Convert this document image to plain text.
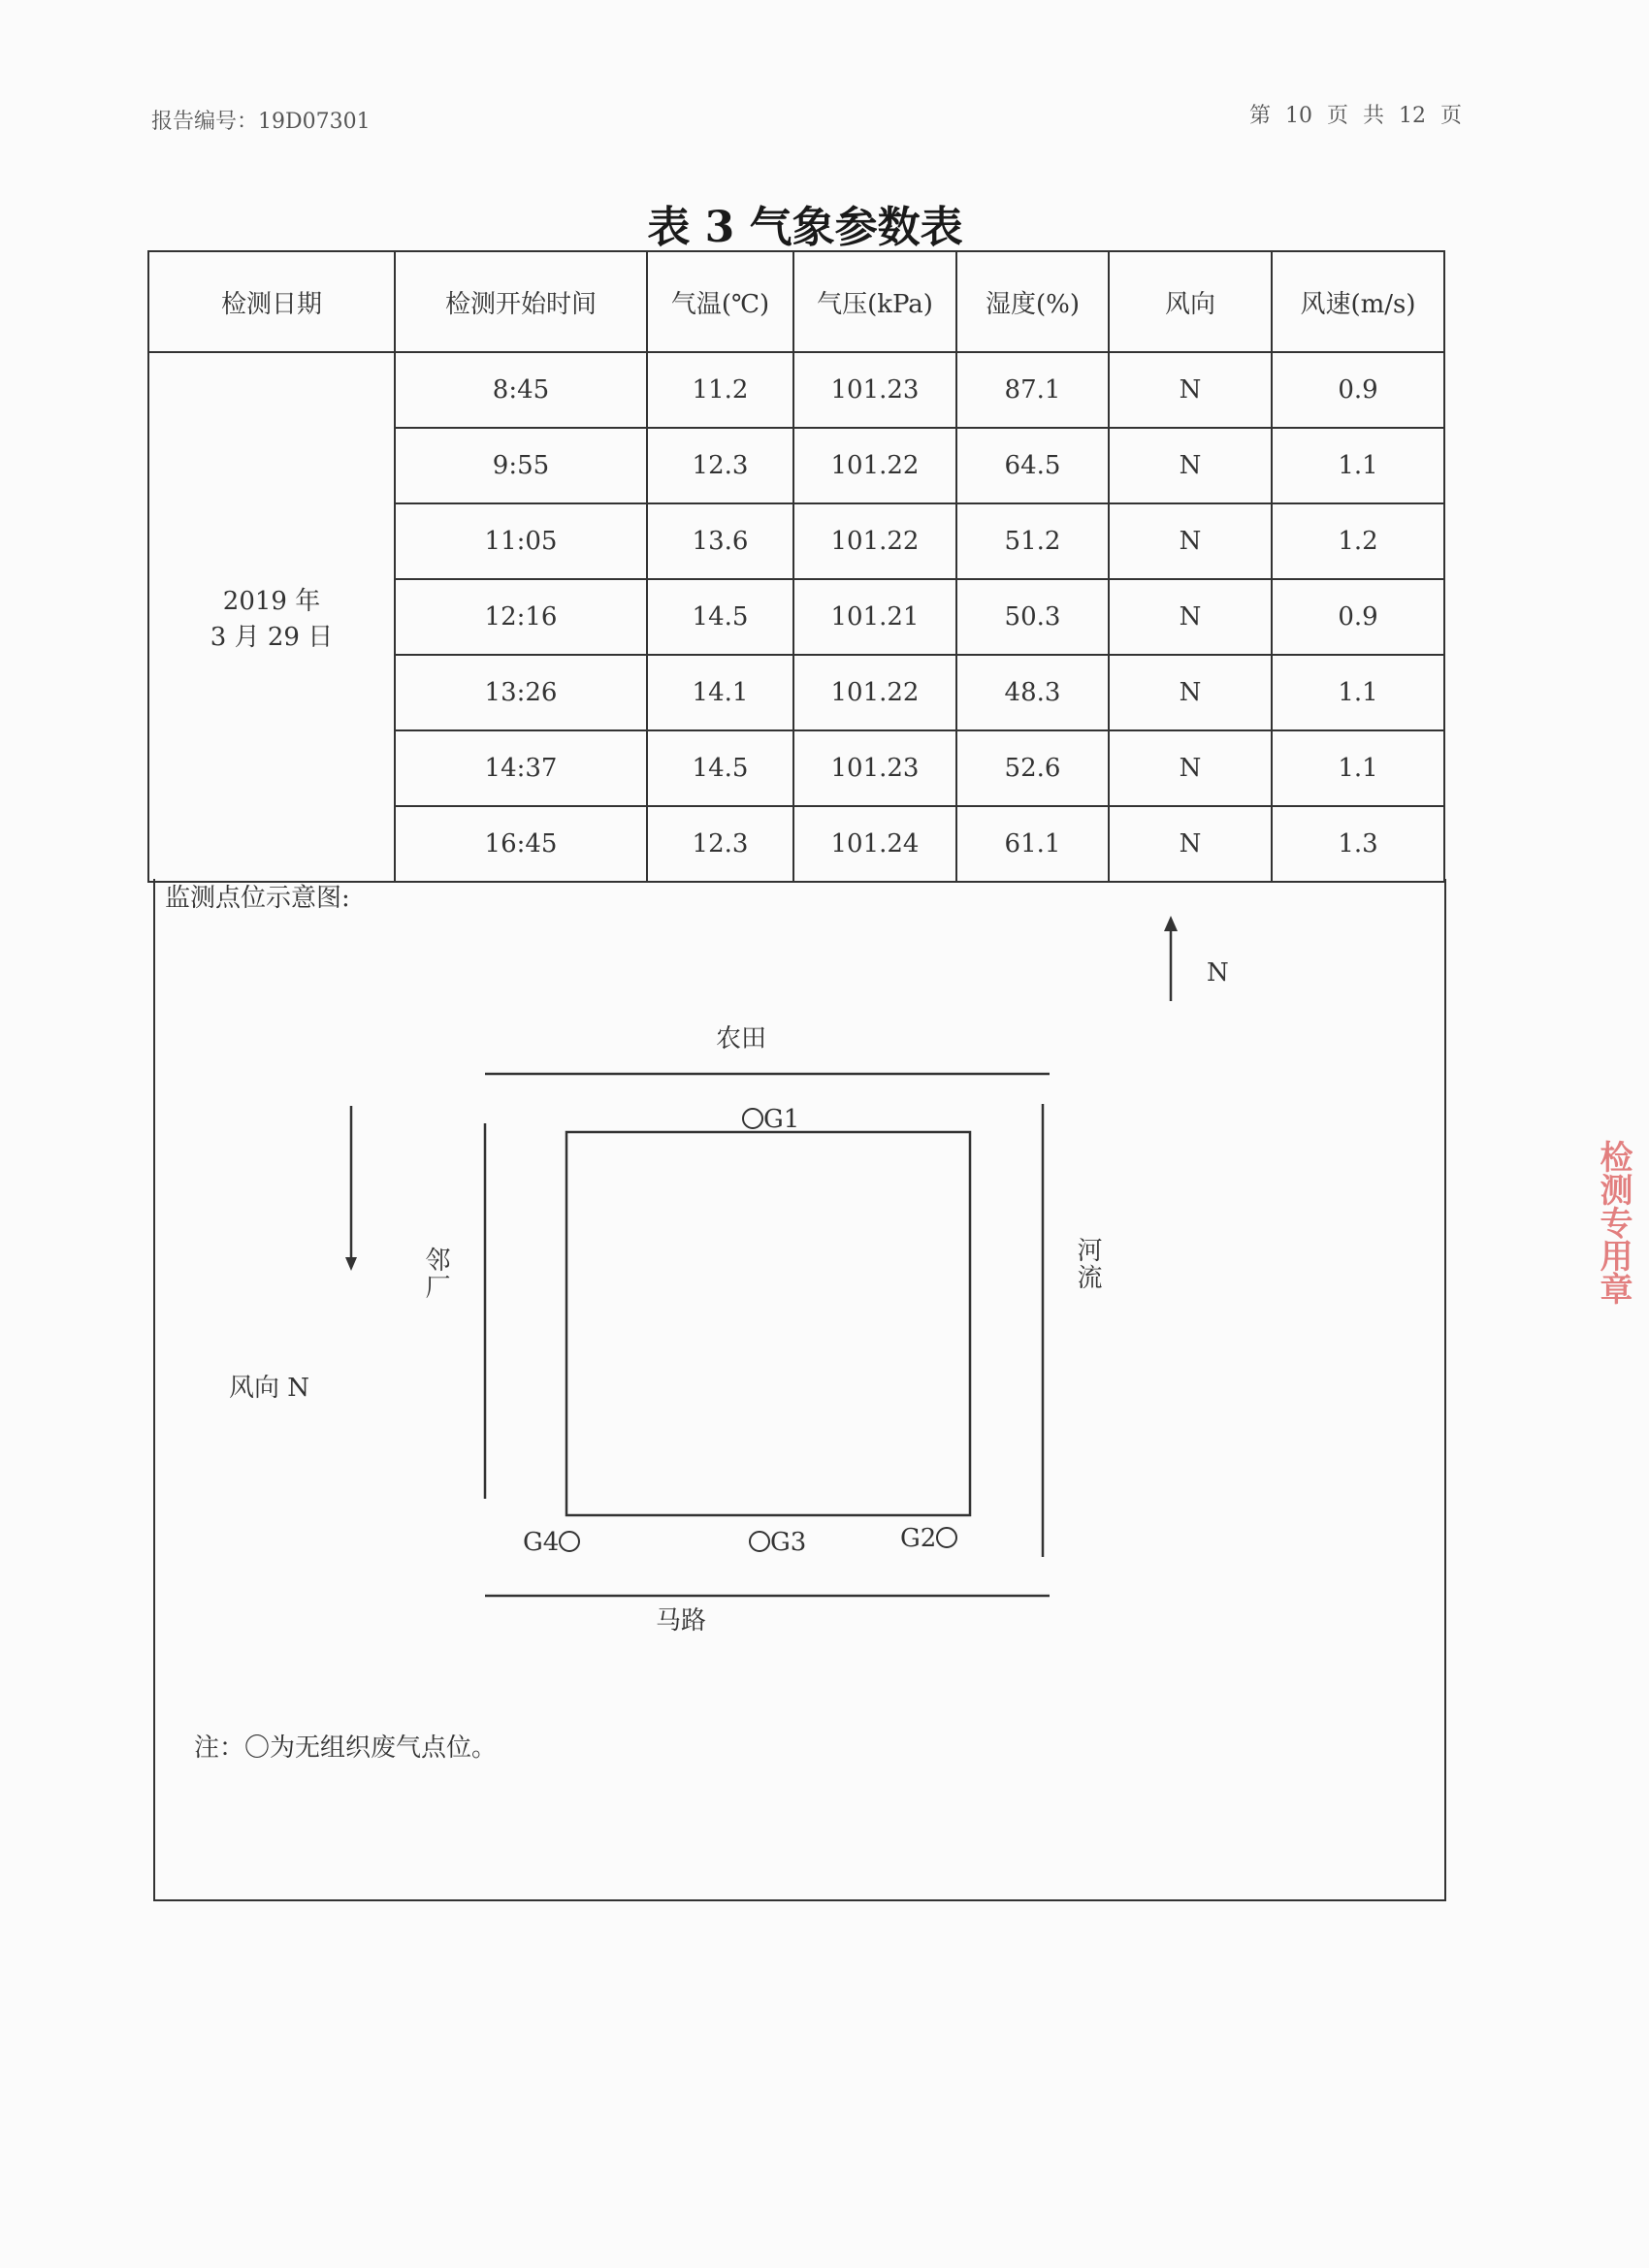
报告编号：19D07301	第 10 页 共 12 页
表 3 气象参数表
检测日期	检测开始时间	气温(℃)	气压(kPa)	湿度(%)	风向	风速(m/s)

2019 年
3 月 29 日	8:45	11.2	101.23	87.1	N	0.9
	9:55	12.3	101.22	64.5	N	1.1
	11:05	13.6	101.22	51.2	N	1.2
	12:16	14.5	101.21	50.3	N	0.9
	13:26	14.1	101.22	48.3	N	1.1
	14:37	14.5	101.23	52.6	N	1.1
	16:45	12.3	101.24	61.1	N	1.3
监测点位示意图:
N
农田
马路
邻厂	河流
风向 N
G1
G4	G3	G2
注：〇为无组织废气点位。
检测专用章
